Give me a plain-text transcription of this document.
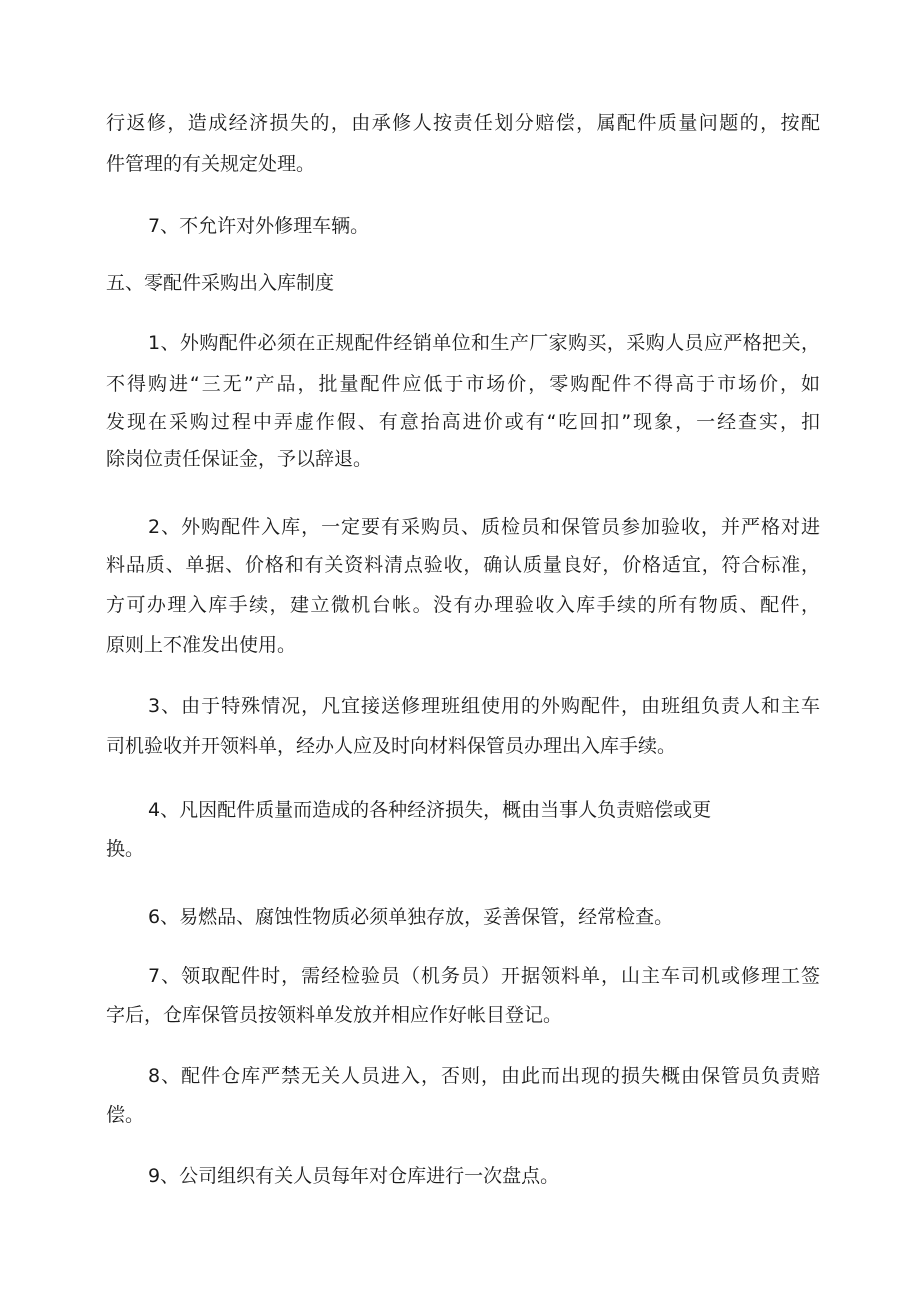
行返修，造成经济损失的，由承修人按责任划分赔偿，属配件质量问题的，按配

件管理的有关规定处理。

7、不允许对外修理车辆。

五、零配件采购出入库制度

1、外购配件必须在正规配件经销单位和生产厂家购买，采购人员应严格把关，

不得购进“三无”产品，批量配件应低于市场价，零购配件不得高于市场价，如

发现在采购过程中弄虚作假、有意抬高进价或有“吃回扣”现象，一经查实，扣

除岗位责任保证金，予以辞退。

2、外购配件入库，一定要有采购员、质检员和保管员参加验收，并严格对进

料品质、单据、价格和有关资料清点验收，确认质量良好，价格适宜，符合标准，

方可办理入库手续，建立微机台帐。没有办理验收入库手续的所有物质、配件，

原则上不准发出使用。

3、由于特殊情况，凡宜接送修理班组使用的外购配件，由班组负责人和主车

司机验收并开领料单，经办人应及时向材料保管员办理出入库手续。

4、凡因配件质量而造成的各种经济损失，概由当事人负责赔偿或更

换。

6、易燃品、腐蚀性物质必须单独存放，妥善保管，经常检查。

7、领取配件时，需经检验员（机务员）开据领料单，山主车司机或修理工签

字后，仓库保管员按领料单发放并相应作好帐目登记。

8、配件仓库严禁无关人员进入，否则，由此而出现的损失概由保管员负责赔

偿。

9、公司组织有关人员每年对仓库进行一次盘点。
